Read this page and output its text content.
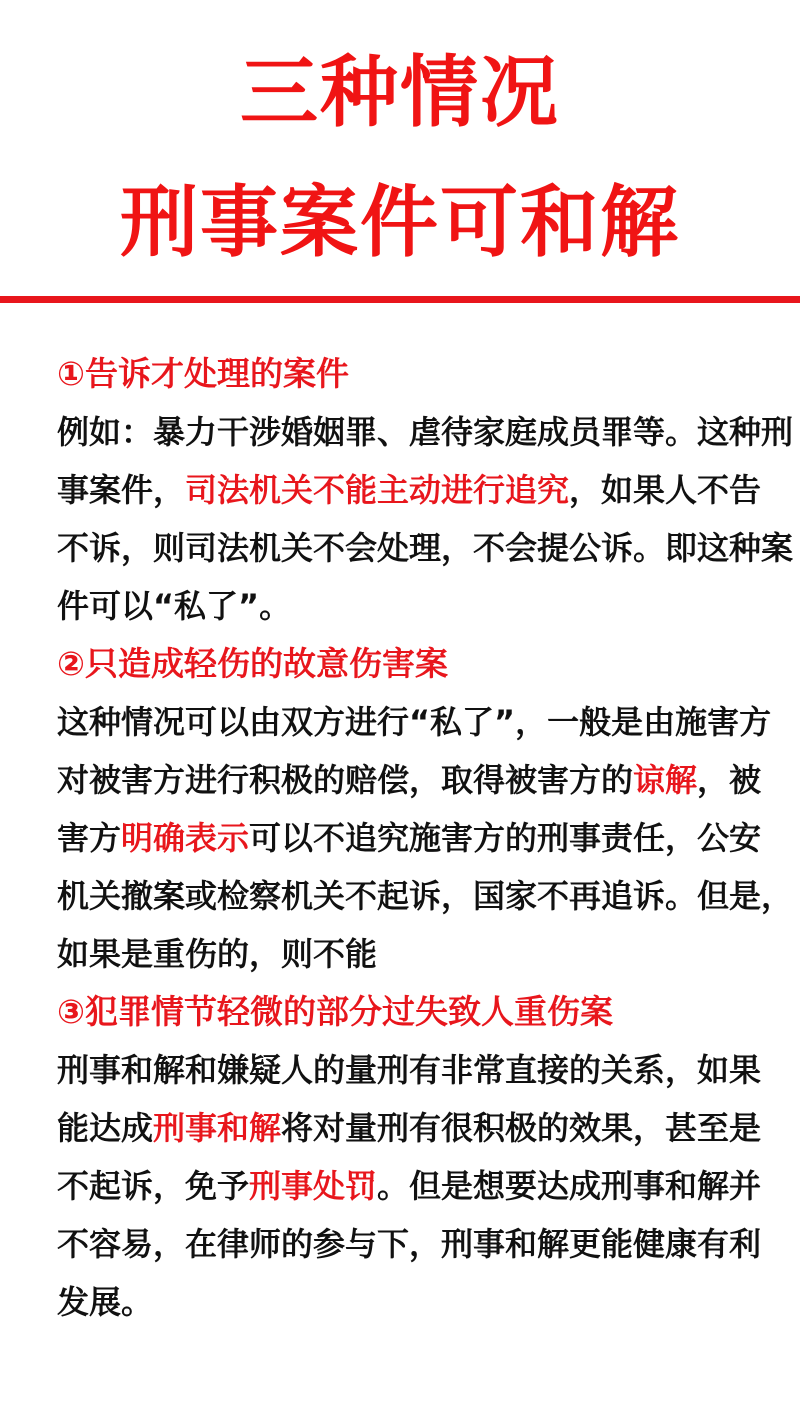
三种情况
刑事案件可和解
①告诉才处理的案件
例如：暴力干涉婚姻罪、虐待家庭成员罪等。这种刑
事案件，司法机关不能主动进行追究，如果人不告
不诉，则司法机关不会处理，不会提公诉。即这种案
件可以“私了”。
②只造成轻伤的故意伤害案
这种情况可以由双方进行“私了”，一般是由施害方
对被害方进行积极的赔偿，取得被害方的谅解，被
害方明确表示可以不追究施害方的刑事责任，公安
机关撤案或检察机关不起诉，国家不再追诉。但是，
如果是重伤的，则不能
③犯罪情节轻微的部分过失致人重伤案
刑事和解和嫌疑人的量刑有非常直接的关系，如果
能达成刑事和解将对量刑有很积极的效果，甚至是
不起诉，免予刑事处罚。但是想要达成刑事和解并
不容易，在律师的参与下，刑事和解更能健康有利
发展。
